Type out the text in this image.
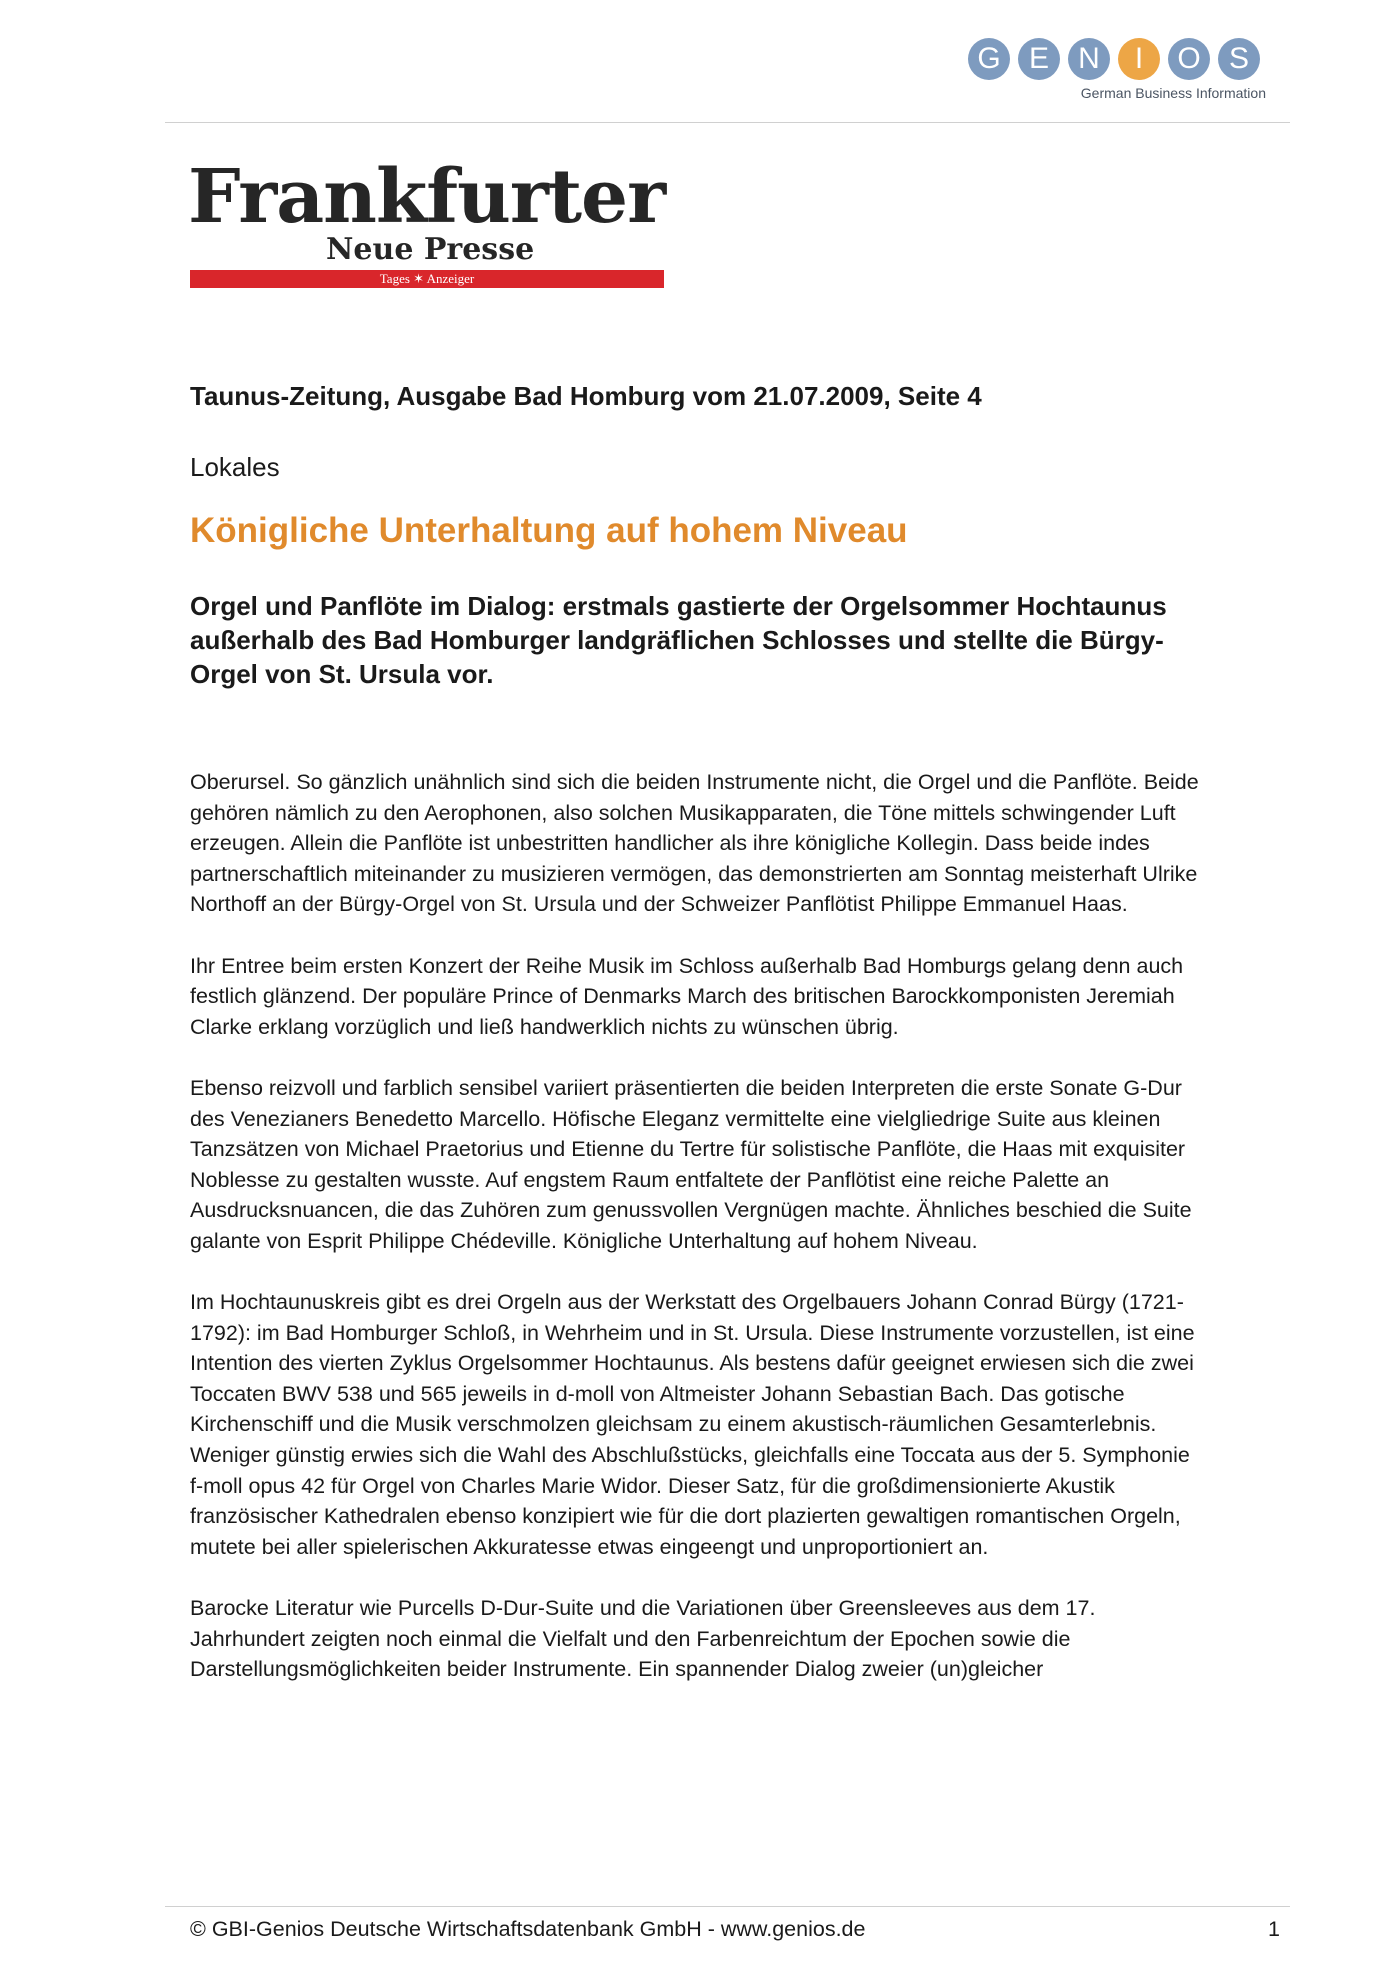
G E N	I	O S
German Business Information
Frankfurter
Neue Presse
Tages ✶ Anzeiger
Taunus-Zeitung, Ausgabe Bad Homburg vom 21.07.2009, Seite 4
Lokales
Königliche Unterhaltung auf hohem Niveau
Orgel und Panflöte im Dialog: erstmals gastierte der Orgelsommer Hochtaunus außerhalb des Bad Homburger landgräflichen Schlosses und stellte die Bürgy-Orgel von St. Ursula vor.

Oberursel. So gänzlich unähnlich sind sich die beiden Instrumente nicht, die Orgel und die Panflöte. Beide gehören nämlich zu den Aerophonen, also solchen Musikapparaten, die Töne mittels schwingender Luft erzeugen. Allein die Panflöte ist unbestritten handlicher als ihre königliche Kollegin. Dass beide indes partnerschaftlich miteinander zu musizieren vermögen, das demonstrierten am Sonntag meisterhaft Ulrike Northoff an der Bürgy-Orgel von St. Ursula und der Schweizer Panflötist Philippe Emmanuel Haas.

Ihr Entree beim ersten Konzert der Reihe Musik im Schloss außerhalb Bad Homburgs gelang denn auch festlich glänzend. Der populäre Prince of Denmarks March des britischen Barockkomponisten Jeremiah Clarke erklang vorzüglich und ließ handwerklich nichts zu wünschen übrig.

Ebenso reizvoll und farblich sensibel variiert präsentierten die beiden Interpreten die erste Sonate G-Dur des Venezianers Benedetto Marcello. Höfische Eleganz vermittelte eine vielgliedrige Suite aus kleinen Tanzsätzen von Michael Praetorius und Etienne du Tertre für solistische Panflöte, die Haas mit exquisiter Noblesse zu gestalten wusste. Auf engstem Raum entfaltete der Panflötist eine reiche Palette an Ausdrucksnuancen, die das Zuhören zum genussvollen Vergnügen machte. Ähnliches beschied die Suite galante von Esprit Philippe Chédeville. Königliche Unterhaltung auf hohem Niveau.

Im Hochtaunuskreis gibt es drei Orgeln aus der Werkstatt des Orgelbauers Johann Conrad Bürgy (1721-1792): im Bad Homburger Schloß, in Wehrheim und in St. Ursula. Diese Instrumente vorzustellen, ist eine Intention des vierten Zyklus Orgelsommer Hochtaunus. Als bestens dafür geeignet erwiesen sich die zwei Toccaten BWV 538 und 565 jeweils in d-moll von Altmeister Johann Sebastian Bach. Das gotische Kirchenschiff und die Musik verschmolzen gleichsam zu einem akustisch-räumlichen Gesamterlebnis. Weniger günstig erwies sich die Wahl des Abschlußstücks, gleichfalls eine Toccata aus der 5. Symphonie f-moll opus 42 für Orgel von Charles Marie Widor. Dieser Satz, für die großdimensionierte Akustik französischer Kathedralen ebenso konzipiert wie für die dort plazierten gewaltigen romantischen Orgeln, mutete bei aller spielerischen Akkuratesse etwas eingeengt und unproportioniert an.

Barocke Literatur wie Purcells D-Dur-Suite und die Variationen über Greensleeves aus dem 17. Jahrhundert zeigten noch einmal die Vielfalt und den Farbenreichtum der Epochen sowie die Darstellungsmöglichkeiten beider Instrumente. Ein spannender Dialog zweier (un)gleicher

© GBI-Genios Deutsche Wirtschaftsdatenbank GmbH - www.genios.de	1
